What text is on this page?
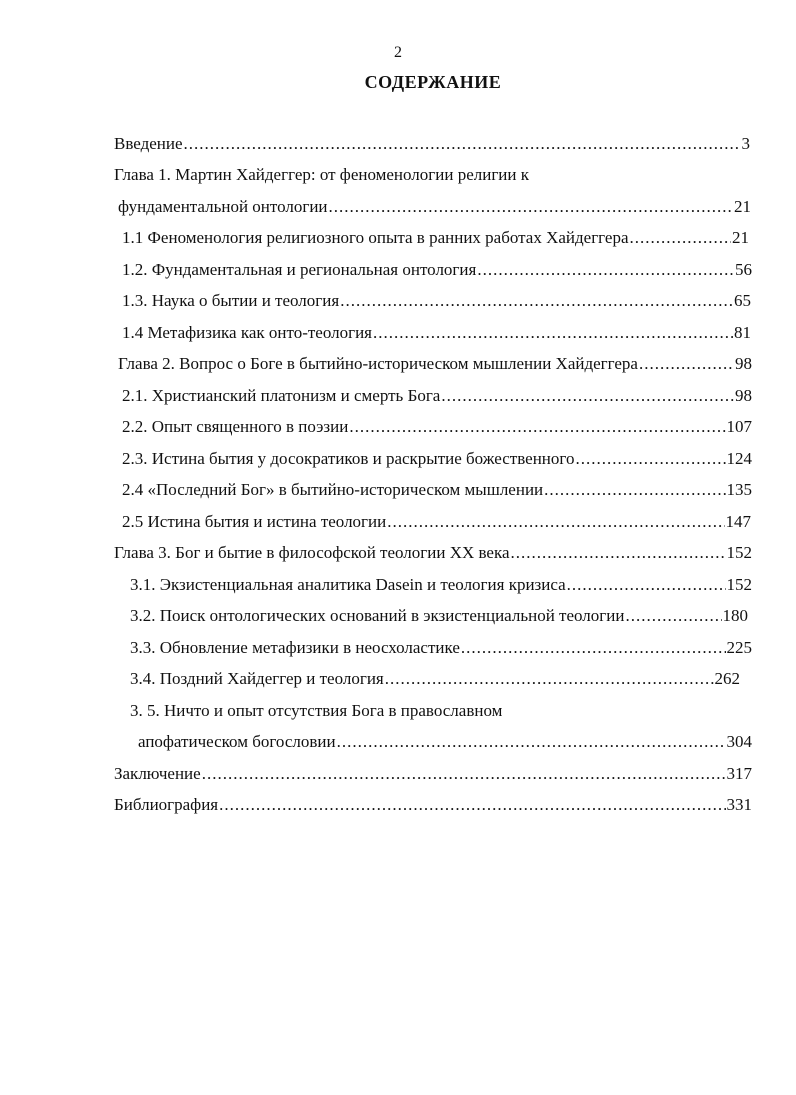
2
СОДЕРЖАНИЕ
Введение .....	3
Глава 1. Мартин Хайдеггер: от феноменологии религии к
фундаментальной онтологии .....	21
1.1 Феноменология религиозного опыта в ранних работах Хайдеггера .....	21
1.2. Фундаментальная и региональная онтология .....	56
1.3. Наука о бытии и теология .....	65
1.4 Метафизика как онто-теология .....	81
Глава 2. Вопрос о Боге в бытийно-историческом мышлении Хайдеггера .....	98
2.1. Христианский платонизм и смерть Бога .....	98
2.2. Опыт священного в поэзии .....	107
2.3. Истина бытия у досократиков и раскрытие божественного .....	124
2.4 «Последний Бог» в бытийно-историческом мышлении .....	135
2.5 Истина бытия и истина теологии .....	147
Глава 3. Бог и бытие в философской теологии XX века .....	152
3.1. Экзистенциальная аналитика Dasein и теология кризиса .....	152
3.2. Поиск онтологических оснований в экзистенциальной теологии .....	180
3.3. Обновление метафизики в неосхоластике .....	225
3.4. Поздний Хайдеггер и теология .....	262
3. 5. Ничто и опыт отсутствия Бога в православном
апофатическом богословии .....	304
Заключение .....	317
Библиография .....	331
